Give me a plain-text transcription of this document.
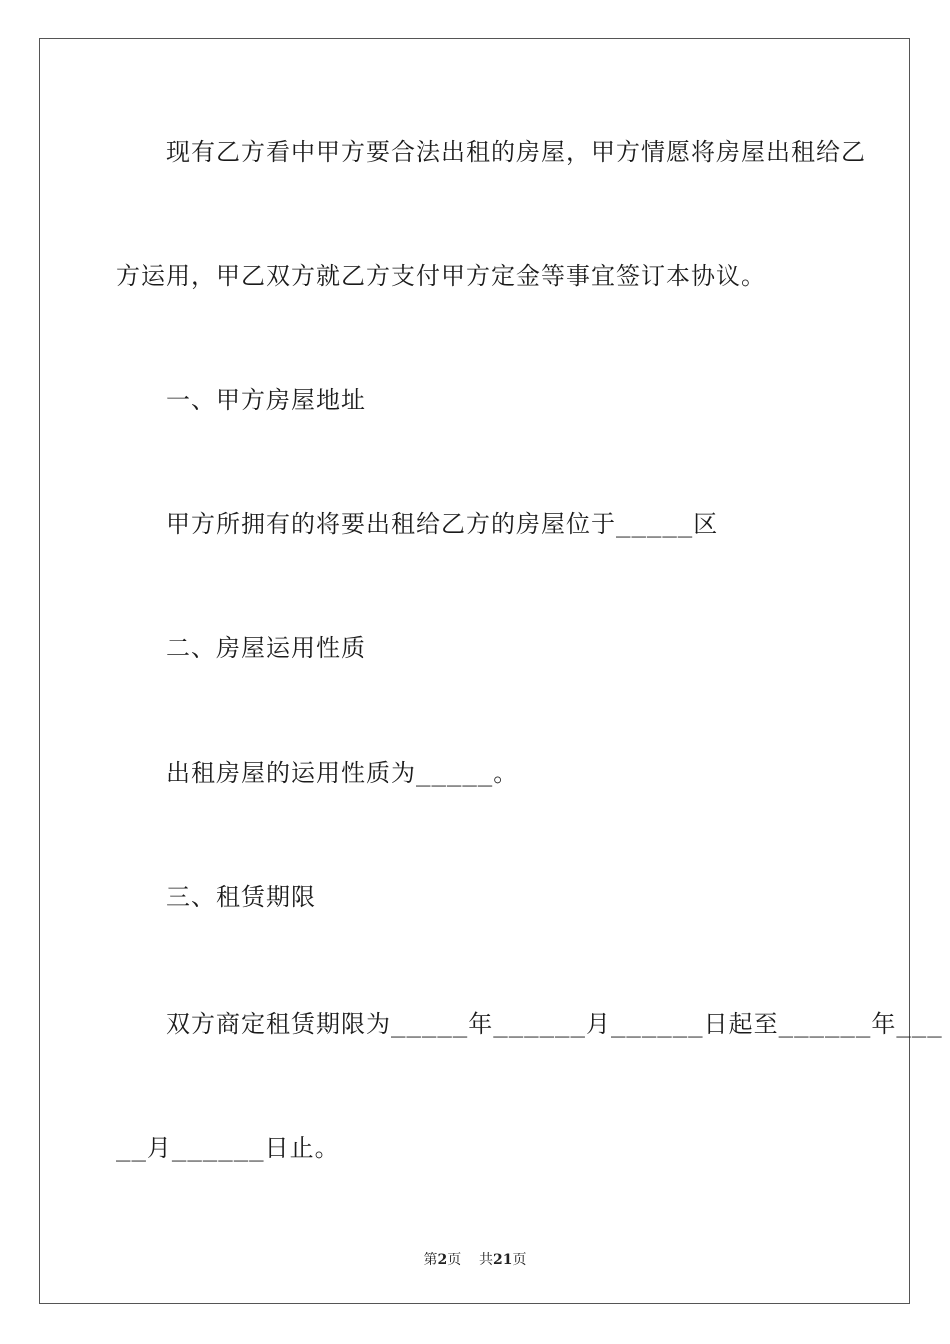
现有乙方看中甲方要合法出租的房屋，甲方情愿将房屋出租给乙
方运用，甲乙双方就乙方支付甲方定金等事宜签订本协议。
一、甲方房屋地址
甲方所拥有的将要出租给乙方的房屋位于_____区
二、房屋运用性质
出租房屋的运用性质为_____。
三、租赁期限
双方商定租赁期限为_____年______月______日起至______年___
__月______日止。
第2页 共21页
